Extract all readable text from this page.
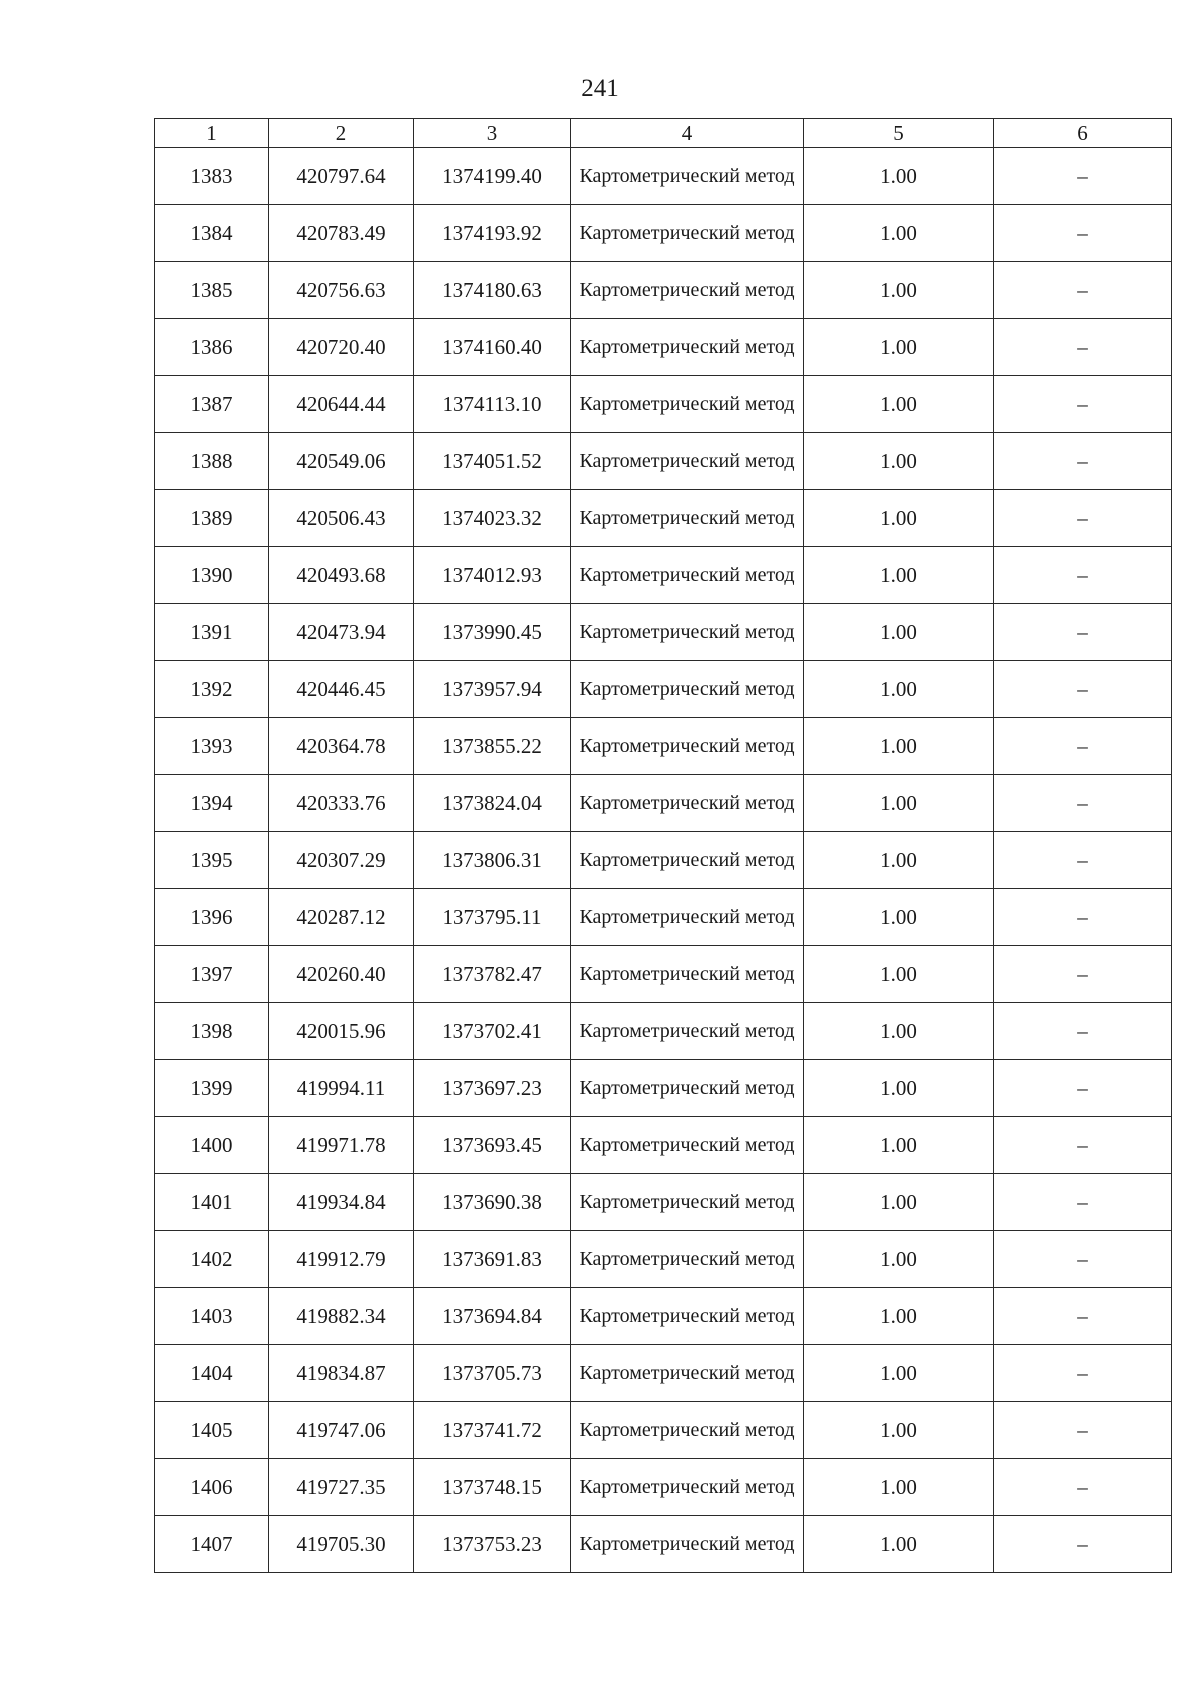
241
1	2	3	4	5	6
1383	420797.64	1374199.40	Картометрический метод	1.00	–
1384	420783.49	1374193.92	Картометрический метод	1.00	–
1385	420756.63	1374180.63	Картометрический метод	1.00	–
1386	420720.40	1374160.40	Картометрический метод	1.00	–
1387	420644.44	1374113.10	Картометрический метод	1.00	–
1388	420549.06	1374051.52	Картометрический метод	1.00	–
1389	420506.43	1374023.32	Картометрический метод	1.00	–
1390	420493.68	1374012.93	Картометрический метод	1.00	–
1391	420473.94	1373990.45	Картометрический метод	1.00	–
1392	420446.45	1373957.94	Картометрический метод	1.00	–
1393	420364.78	1373855.22	Картометрический метод	1.00	–
1394	420333.76	1373824.04	Картометрический метод	1.00	–
1395	420307.29	1373806.31	Картометрический метод	1.00	–
1396	420287.12	1373795.11	Картометрический метод	1.00	–
1397	420260.40	1373782.47	Картометрический метод	1.00	–
1398	420015.96	1373702.41	Картометрический метод	1.00	–
1399	419994.11	1373697.23	Картометрический метод	1.00	–
1400	419971.78	1373693.45	Картометрический метод	1.00	–
1401	419934.84	1373690.38	Картометрический метод	1.00	–
1402	419912.79	1373691.83	Картометрический метод	1.00	–
1403	419882.34	1373694.84	Картометрический метод	1.00	–
1404	419834.87	1373705.73	Картометрический метод	1.00	–
1405	419747.06	1373741.72	Картометрический метод	1.00	–
1406	419727.35	1373748.15	Картометрический метод	1.00	–
1407	419705.30	1373753.23	Картометрический метод	1.00	–
